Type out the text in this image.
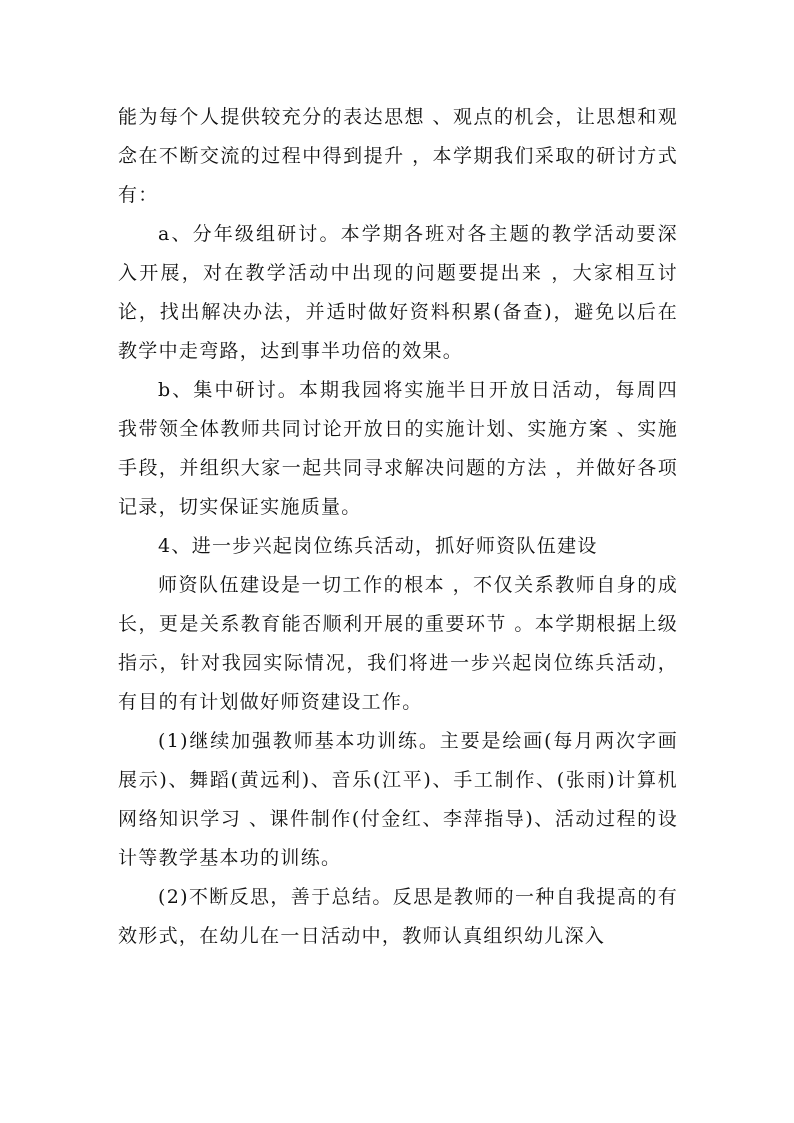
能为每个人提供较充分的表达思想 、观点的机会，让思想和观念在不断交流的过程中得到提升 ，本学期我们采取的研讨方式有：

a、分年级组研讨。本学期各班对各主题的教学活动要深入开展，对在教学活动中出现的问题要提出来 ，大家相互讨论，找出解决办法，并适时做好资料积累(备查)，避免以后在教学中走弯路，达到事半功倍的效果。

b、集中研讨。本期我园将实施半日开放日活动，每周四我带领全体教师共同讨论开放日的实施计划、实施方案 、实施手段，并组织大家一起共同寻求解决问题的方法 ，并做好各项记录，切实保证实施质量。

4、进一步兴起岗位练兵活动，抓好师资队伍建设

师资队伍建设是一切工作的根本 ，不仅关系教师自身的成长，更是关系教育能否顺利开展的重要环节 。本学期根据上级指示，针对我园实际情况，我们将进一步兴起岗位练兵活动，有目的有计划做好师资建设工作。

(1)继续加强教师基本功训练。主要是绘画(每月两次字画展示)、舞蹈(黄远利)、音乐(江平)、手工制作、(张雨)计算机网络知识学习 、课件制作(付金红、李萍指导)、活动过程的设计等教学基本功的训练。

(2)不断反思，善于总结。反思是教师的一种自我提高的有效形式，在幼儿在一日活动中，教师认真组织幼儿深入
